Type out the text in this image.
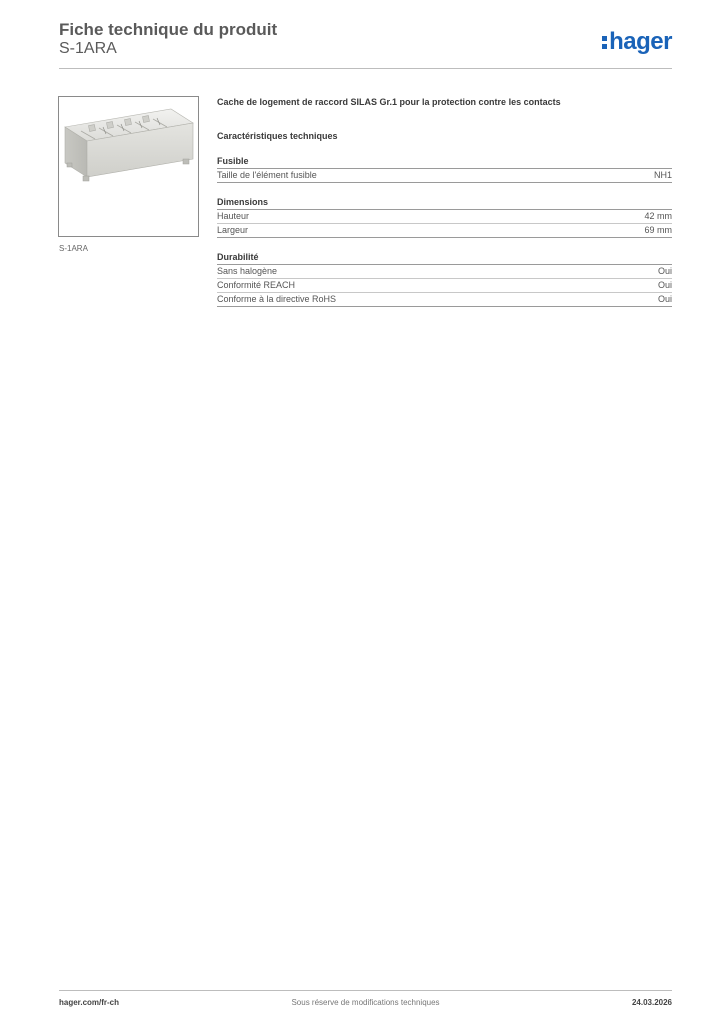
Fiche technique du produit
S-1ARA	hager
S-1ARA
Cache de logement de raccord SILAS Gr.1 pour la protection contre les contacts
Caractéristiques techniques
Fusible
Taille de l'élément fusible	NH1
Dimensions
Hauteur	42 mm
Largeur	69 mm
Durabilité
Sans halogène	Oui
Conformité REACH	Oui
Conforme à la directive RoHS	Oui
hager.com/fr-ch	Sous réserve de modifications techniques	24.03.2026
